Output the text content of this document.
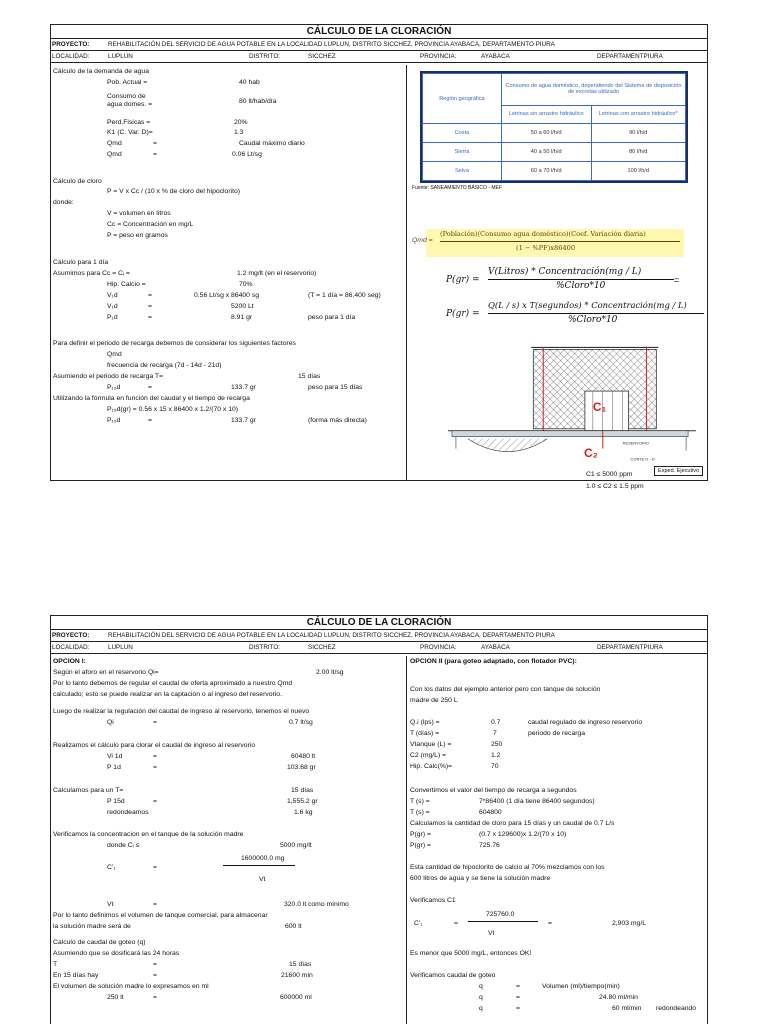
CÁLCULO DE LA CLORACIÓN
PROYECTO:	REHABILITACIÓN DEL SERVICIO DE AGUA POTABLE EN LA LOCALIDAD LUPLUN, DISTRITO SICCHEZ, PROVINCIA AYABACA, DEPARTAMENTO PIURA
LOCALIDAD:	LUPLUN	DISTRITO:	SICCHEZ	PROVINCIA:	AYABACA	DEPARTAMENTPIURA
Cálculo de la demanda de agua
Pob. Actual =	40 hab
Consumo de
agua domes. =	80 lt/hab/día
Perd.Fisicas =	20%
K1 (C. Var. D)=	1.3
Qmd	=	Caudal máximo diario
Qmd	=	0.06 Lt/sg
Cálculo de cloro
P = V x Cc / (10 x % de cloro del hipoclorito)
donde:
V = volumen en litros
Cc = Concentración en mg/L
P = peso en gramos
Cálculo para 1 día
Asumimos para Cc = Cᵢ =	1.2 mg/lt (en el reservorio)
Hip. Calcio =	70%
V₁d	=	0.56 Lt/sg x 86400 sg	(T = 1 día = 86,400 seg)
V₁d	=	5200 Lt
P₁d	=	8.91 gr	peso para 1 día
Para definir el periodo de recarga debemos de considerar los siguientes factores
Qmd
frecuencia de recarga (7d - 14d - 21d)
Asumiendo el periodo de recarga T=	15 días
P₁₅d	=	133.7 gr	peso para 15 días
Utilizando la fórmula en función del caudal y el tiempo de recarga
P₁₅d(gr) = 0.56 x 15 x 86400 x 1.2/(70 x 10)
P₁₅d	=	133.7 gr	(forma más directa)
Región geográfica	Consumo de agua doméstico, dependiendo del Sistema de disposición de excretas utilizado	
	Letrinas sin arrastre hidráulico	Letrinas con arrastre hidráulico*
Costa	50 a 60 l/h/d	90 l/h/d
Sierra	40 a 50 l/h/d	80 l/h/d
Selva	60 a 70 l/h/d	100 l/h/d
Fuente: SANEAMIENTO BÁSICO - MEF
Qmd =
(Población)(Consumo agua doméstico)(Coef. Variación diaria)
(1 − %PF)x86400
P(gr) =
V(Litros) * Concentración(mg / L)
=
%Cloro*10
P(gr) =
Q(L / s) x T(segundos) * Concentración(mg / L)
%Cloro*10
C₁
RESERVORIO
CORTE D - D'
C₂
C1 ≤ 5000 ppm
1.0 ≤ C2 ≤ 1.5 ppm
Exped. Ejecutivo
CÁLCULO DE LA CLORACIÓN
PROYECTO:	REHABILITACIÓN DEL SERVICIO DE AGUA POTABLE EN LA LOCALIDAD LUPLUN, DISTRITO SICCHEZ, PROVINCIA AYABACA, DEPARTAMENTO PIURA
LOCALIDAD:	LUPLUN	DISTRITO:	SICCHEZ	PROVINCIA:	AYABACA	DEPARTAMENTPIURA
1600000.0 mg
OPCION I:
Según el aforo en el reservorio Qi=	2.00 lt/sg
Por lo tanto debemos de regular el caudal de oferta aproximado a nuestro Qmd
calculado; esto se puede realizar en la captación o al ingreso del reservorio.
Luego de realizar la regulación del caudal de ingreso al reservorio, tenemos el nuevo
Qi	=	0.7 lt/sg
Realizamos el cálculo para clorar el caudal de ingreso al reservorio
Vi 1d	=	60480 lt
P 1d	=	103.68 gr
Calculamos para un T=	15 días
P 15d	=	1,555.2 gr
redondeamos	1.6 kg
Verificamos la concentracion en el tanque de la solución madre
donde Cᵢ ≤	5000 mg/lt
C'₁	=
Vt
Vt	=	320.0 lt como mínimo
Por lo tanto definimos el volumen de tanque comercial, para almacenar
la solución madre será de	600 lt
Calculo de caudal de goteo (q)
Asumiendo que se dosificará las 24 horas
T	=	15 días
En 15 días hay	=	21600 min
El volumen de solución madre lo expresamos en ml
250 lt	=	600000 ml
725760.0
OPCION II (para goteo adaptado, con flotador PVC):
Con los datos del ejemplo anterior pero con tanque de solución
madre de 250 L
Q.i (lps) =	0.7	caudal regulado de ingreso reservorio
T (días) =	7	periodo de recarga
Vtanque (L) =	250
C2 (mg/L) =	1.2
Hip. Calc(%)=	70
Convertimos el valor del tiempo de recarga a segundos
T (s) =	7*86400 (1 día tiene 86400 segundos)
T (s) =	604800
Calculamos la cantidad de cloro para 15 días y un caudal de 0.7 L/s
P(gr) =	(0.7 x 129600)x 1.2/(70 x 10)
P(gr) =	725.76
Esta cantidad de hipoclorito de calcio al 70% mezclamos con los
600 litros de agua y se tiene la solución madre
Verificamos C1
C'₁	=
Vt
=	2,903 mg/L
Es menor que 5000 mg/L, entonces OK!
Verificamos caudal de goteo
q	=	Volumen (ml)/tiempo(min)
q	=	24.80 ml/min
q	=	60 ml/min redondeando
